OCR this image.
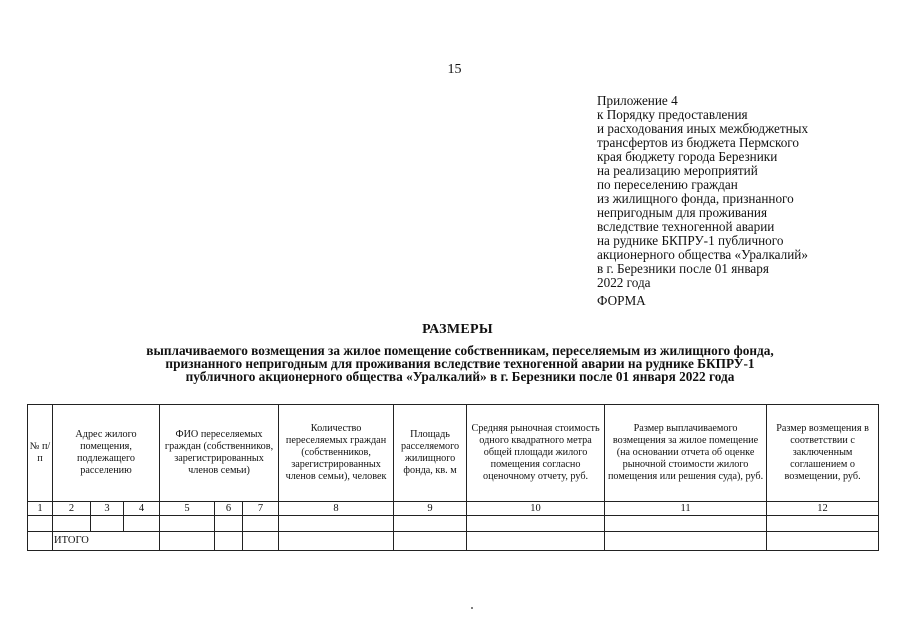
15
Приложение 4
к Порядку предоставления
и расходования иных межбюджетных
трансфертов из бюджета Пермского
края бюджету города Березники
на реализацию мероприятий
по переселению граждан
из жилищного фонда, признанного
непригодным для проживания
вследствие техногенной аварии
на руднике БКПРУ-1 публичного
акционерного общества «Уралкалий»
в г. Березники после 01 января
2022 года
ФОРМА
РАЗМЕРЫ
выплачиваемого возмещения за жилое помещение собственникам, переселяемым из жилищного фонда,
признанного непригодным для проживания вследствие техногенной аварии на руднике БКПРУ-1
публичного акционерного общества «Уралкалий» в г. Березники после 01 января 2022 года
№ п/п	Адрес жилого помещения, подлежащего расселению			ФИО переселяемых граждан (собственников, зарегистрированных членов семьи)			Количество переселяемых граждан (собственников, зарегистрированных членов семьи), человек	Площадь расселяемого жилищного фонда, кв. м	Средняя рыночная стоимость одного квадратного метра общей площади жилого помещения согласно оценочному отчету, руб.	Размер выплачиваемого возмещения за жилое помещение (на основании отчета об оценке рыночной стоимости жилого помещения или решения суда), руб.	Размер возмещения в соответствии с заключенным соглашением о возмещении, руб.
1	2	3	4	5	6	7	8	9	10	11	12

	ИТОГО										
